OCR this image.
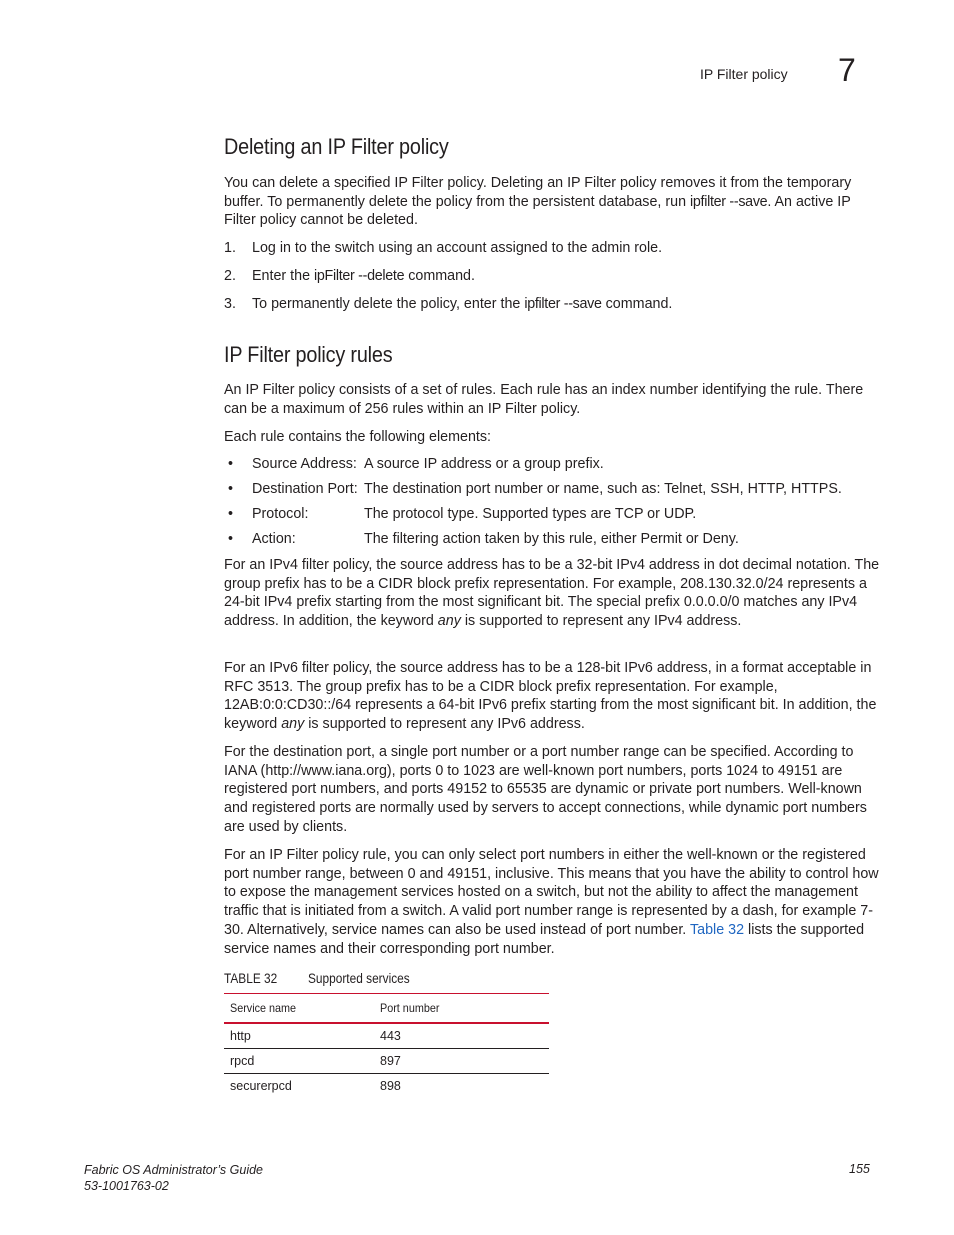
IP Filter policy 7
Deleting an IP Filter policy

You can delete a specified IP Filter policy. Deleting an IP Filter policy removes it from the temporary buffer. To permanently delete the policy from the persistent database, run ipfilter --save. An active IP Filter policy cannot be deleted.

1. Log in to the switch using an account assigned to the admin role.
2. Enter the ipFilter --delete command.
3. To permanently delete the policy, enter the ipfilter --save command.
IP Filter policy rules

An IP Filter policy consists of a set of rules. Each rule has an index number identifying the rule. There can be a maximum of 256 rules within an IP Filter policy.

Each rule contains the following elements:

• Source Address: A source IP address or a group prefix.
• Destination Port: The destination port number or name, such as: Telnet, SSH, HTTP, HTTPS.
• Protocol:	The protocol type. Supported types are TCP or UDP.
• Action:	The filtering action taken by this rule, either Permit or Deny.

For an IPv4 filter policy, the source address has to be a 32-bit IPv4 address in dot decimal notation. The group prefix has to be a CIDR block prefix representation. For example, 208.130.32.0/24 represents a 24-bit IPv4 prefix starting from the most significant bit. The special prefix 0.0.0.0/0 matches any IPv4 address. In addition, the keyword any is supported to represent any IPv4 address.

For an IPv6 filter policy, the source address has to be a 128-bit IPv6 address, in a format acceptable in RFC 3513. The group prefix has to be a CIDR block prefix representation. For example, 12AB:0:0:CD30::/64 represents a 64-bit IPv6 prefix starting from the most significant bit. In addition, the keyword any is supported to represent any IPv6 address.

For the destination port, a single port number or a port number range can be specified. According to IANA (http://www.iana.org), ports 0 to 1023 are well-known port numbers, ports 1024 to 49151 are registered port numbers, and ports 49152 to 65535 are dynamic or private port numbers. Well-known and registered ports are normally used by servers to accept connections, while dynamic port numbers are used by clients.

For an IP Filter policy rule, you can only select port numbers in either the well-known or the registered port number range, between 0 and 49151, inclusive. This means that you have the ability to control how to expose the management services hosted on a switch, but not the ability to affect the management traffic that is initiated from a switch. A valid port number range is represented by a dash, for example 7-30. Alternatively, service names can also be used instead of port number. Table 32 lists the supported service names and their corresponding port number.

TABLE 32 Supported services
Service name	Port number
http	443
rpcd	897
securerpcd	898
Fabric OS Administrator’s Guide
53-1001763-02
155
